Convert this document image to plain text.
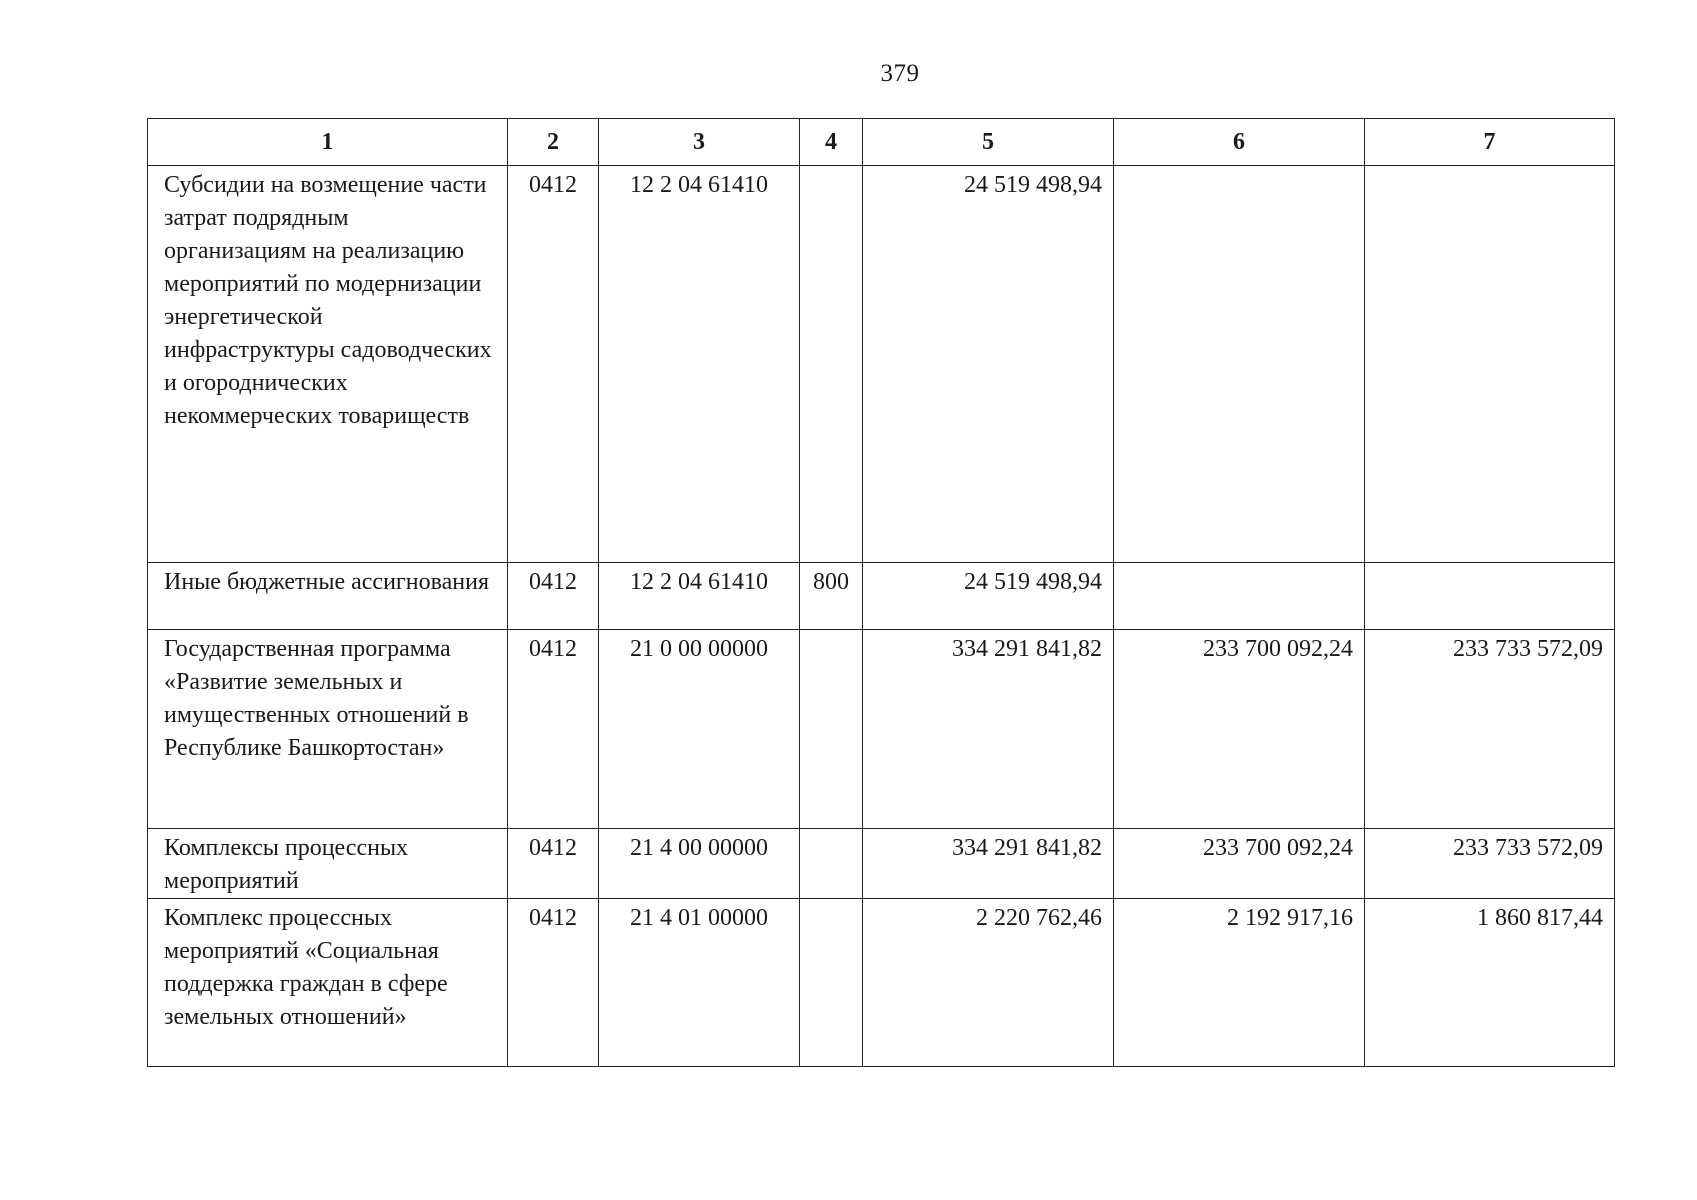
379
1	2	3	4	5	6	7

Субсидии на возмещение части затрат подрядным организациям на реализацию мероприятий по модернизации энергетической инфраструктуры садоводческих и огороднических некоммерческих товариществ	0412	12 2 04 61410		24 519 498,94		
Иные бюджетные ассигнования	0412	12 2 04 61410	800	24 519 498,94		
Государственная программа «Развитие земельных и имущественных отношений в Республике Башкортостан»	0412	21 0 00 00000		334 291 841,82	233 700 092,24	233 733 572,09
Комплексы процессных мероприятий	0412	21 4 00 00000		334 291 841,82	233 700 092,24	233 733 572,09
Комплекс процессных мероприятий «Социальная поддержка граждан в сфере земельных отношений»	0412	21 4 01 00000		2 220 762,46	2 192 917,16	1 860 817,44
